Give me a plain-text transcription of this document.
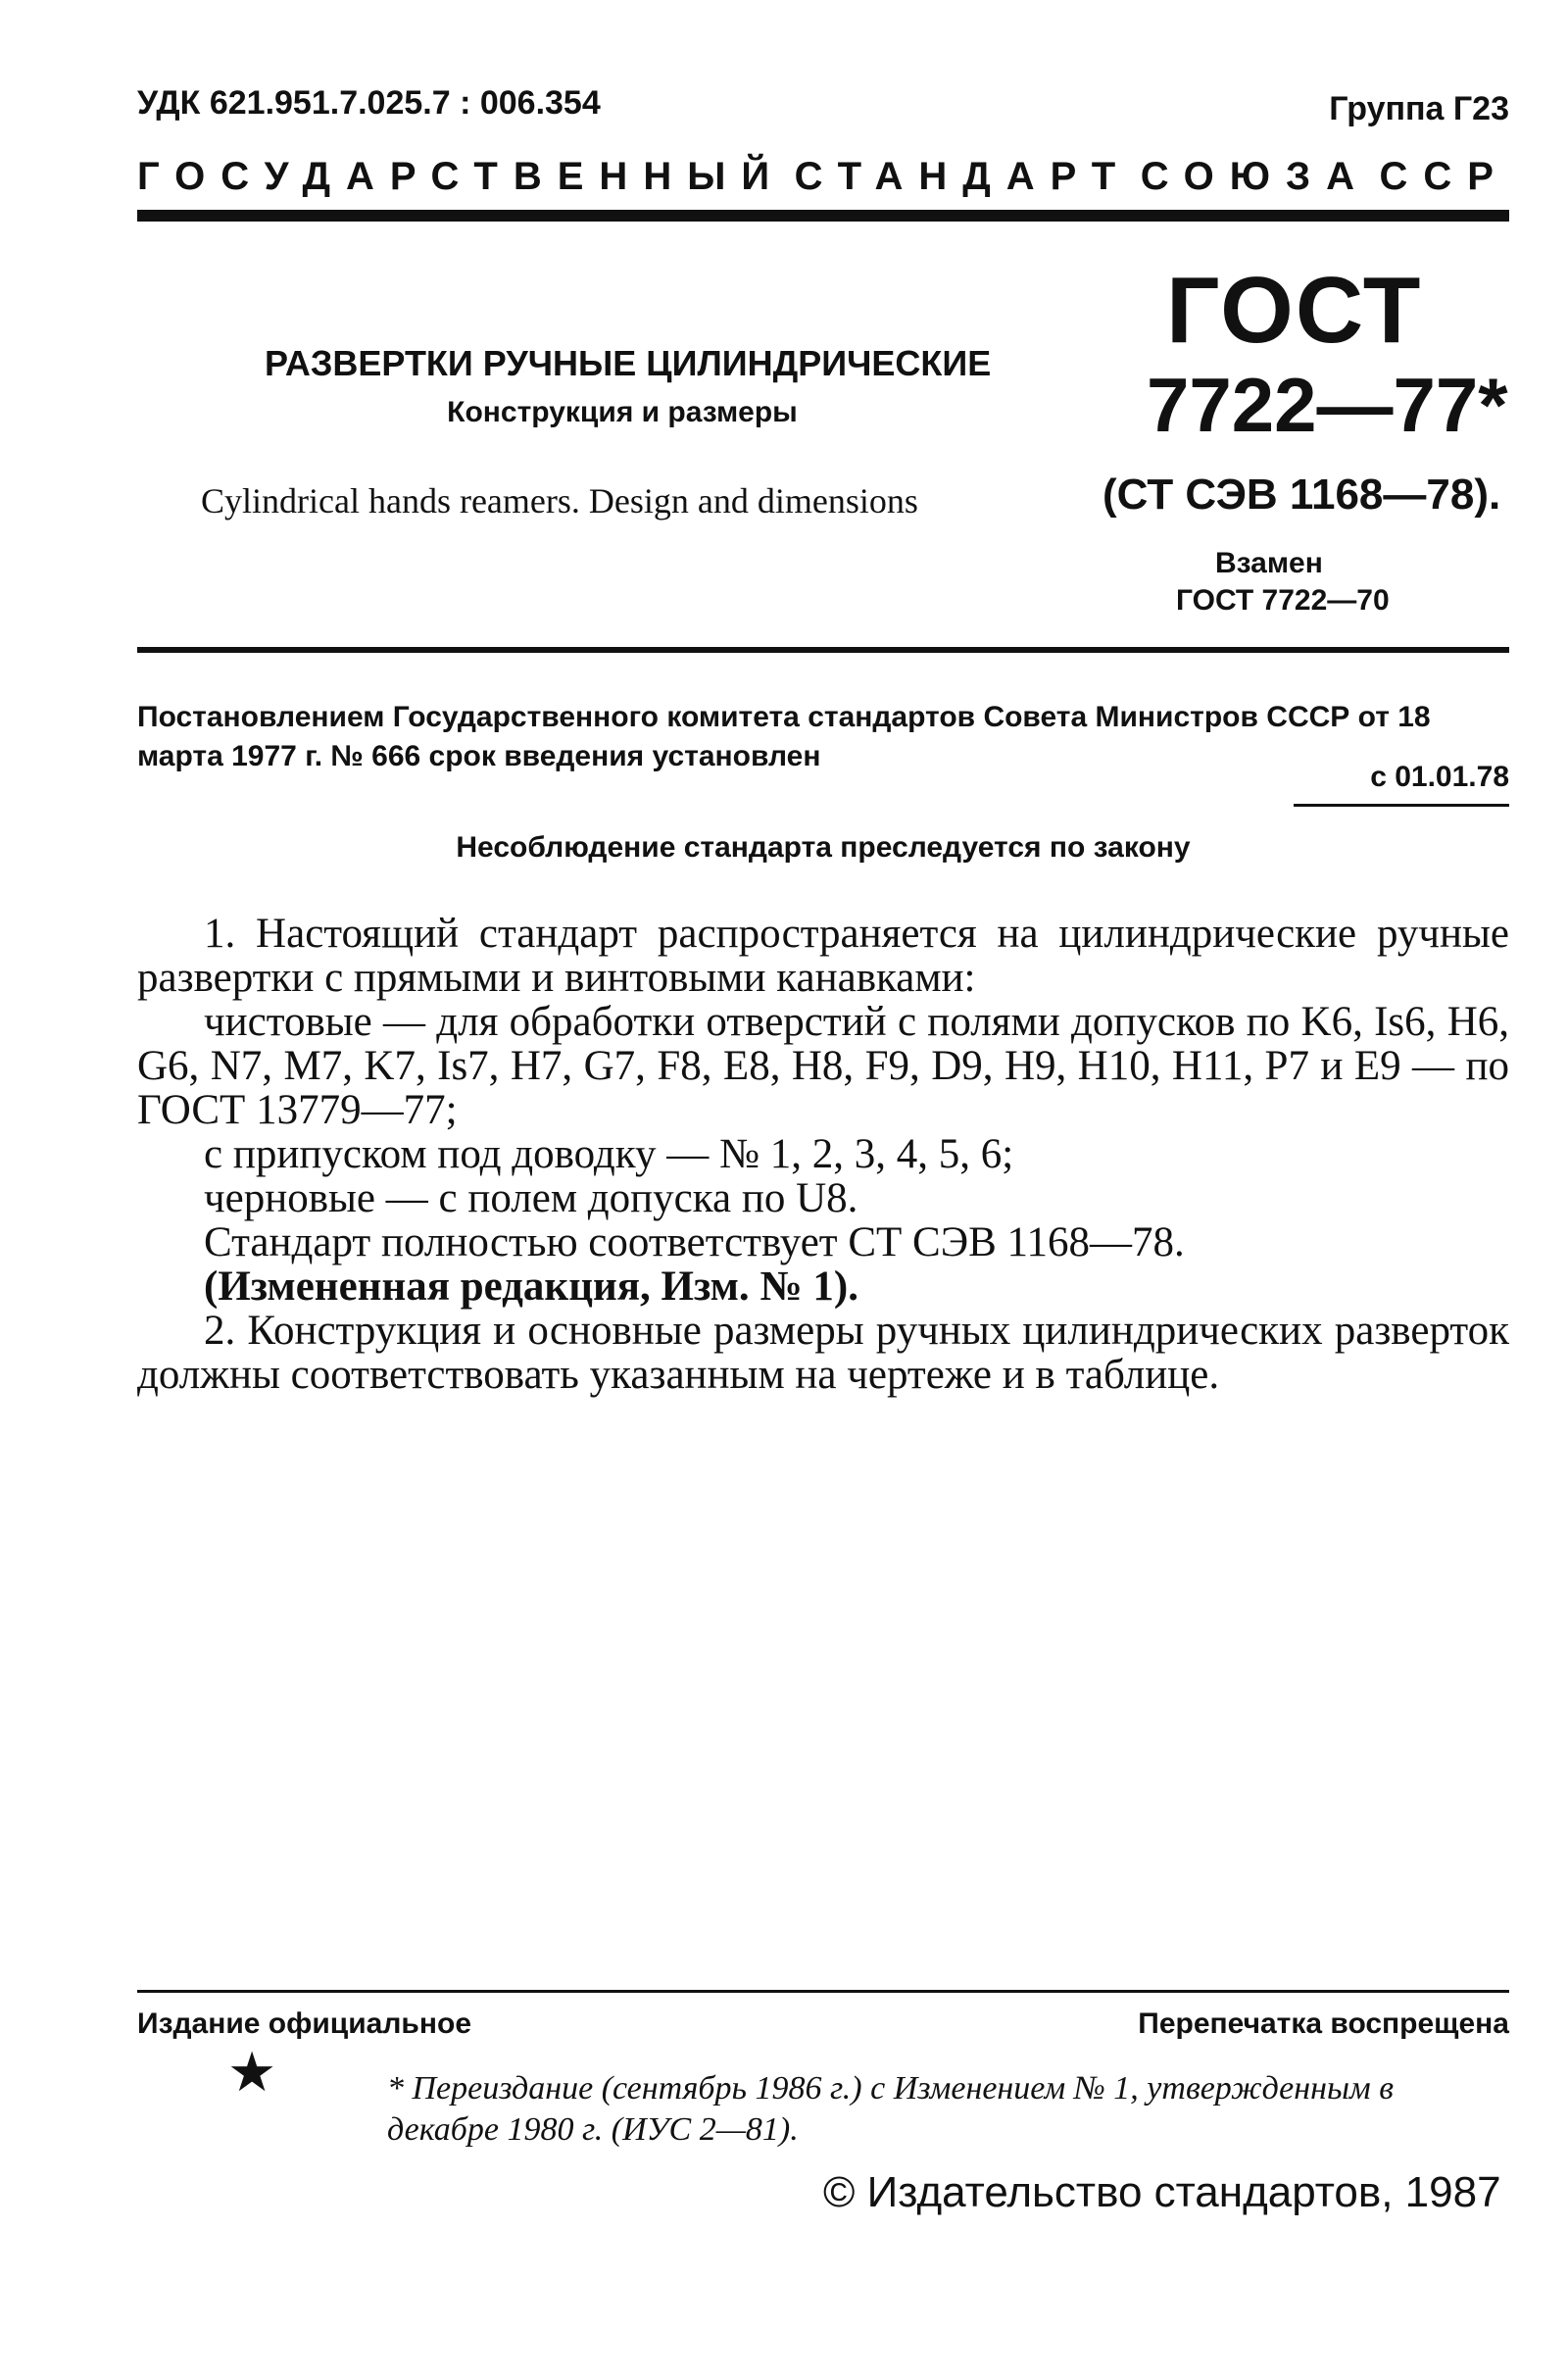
УДК 621.951.7.025.7 : 006.354	Группа Г23
ГОСУДАРСТВЕННЫЙ СТАНДАРТ СОЮЗА ССР
РАЗВЕРТКИ РУЧНЫЕ ЦИЛИНДРИЧЕСКИЕ
Конструкция и размеры
Cylindrical hands reamers. Design and dimensions
ГОСТ
7722—77*
(СТ СЭВ 1168—78).
Взамен
ГОСТ 7722—70
Постановлением Государственного комитета стандартов Совета Министров СССР от 18 марта 1977 г. № 666 срок введения установлен
с 01.01.78
Несоблюдение стандарта преследуется по закону

1. Настоящий стандарт распространяется на цилиндрические ручные развертки с прямыми и винтовыми канавками:

чистовые — для обработки отверстий с полями допусков по K6, Is6, H6, G6, N7, M7, K7, Is7, H7, G7, F8, E8, H8, F9, D9, H9, H10, H11, P7 и E9 — по ГОСТ 13779—77;

с припуском под доводку — № 1, 2, 3, 4, 5, 6;

черновые — с полем допуска по U8.

Стандарт полностью соответствует СТ СЭВ 1168—78.

(Измененная редакция, Изм. № 1).

2. Конструкция и основные размеры ручных цилиндрических разверток должны соответствовать указанным на чертеже и в таблице.

Издание официальное	Перепечатка воспрещена
★	* Переиздание (сентябрь 1986 г.) с Изменением № 1, утвержденным в декабре 1980 г. (ИУС 2—81).
© Издательство стандартов, 1987
